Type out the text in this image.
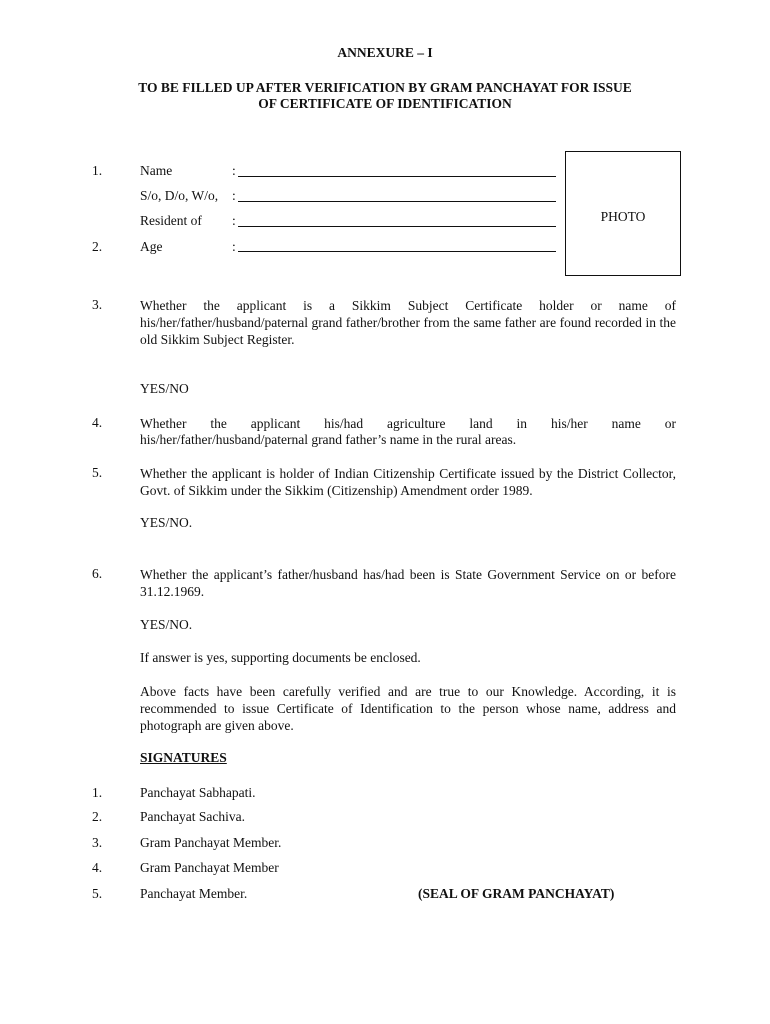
ANNEXURE – I
TO BE FILLED UP AFTER VERIFICATION BY GRAM PANCHAYAT FOR ISSUE
OF CERTIFICATE OF IDENTIFICATION
1.	Name	:
S/o, D/o, W/o, :
Resident of :
2.	Age	:
PHOTO
3.	Whether the applicant is a Sikkim Subject Certificate holder or name of his/her/father/husband/paternal grand father/brother from the same father are found recorded in the old Sikkim Subject Register.
YES/NO
4.	Whether the applicant his/had agriculture land in his/her name or
his/her/father/husband/paternal grand father’s name in the rural areas.
5.	Whether the applicant is holder of Indian Citizenship Certificate issued by the District Collector, Govt. of Sikkim under the Sikkim (Citizenship) Amendment order 1989.
YES/NO.
6.	Whether the applicant’s father/husband has/had been is State Government Service on or before 31.12.1969.
YES/NO.
If answer is yes, supporting documents be enclosed.
Above facts have been carefully verified and are true to our Knowledge. According, it is recommended to issue Certificate of Identification to the person whose name, address and photograph are given above.
SIGNATURES
1.	Panchayat Sabhapati.
2.	Panchayat Sachiva.
3.	Gram Panchayat Member.
4.	Gram Panchayat Member
5.	Panchayat Member.	(SEAL OF GRAM PANCHAYAT)
